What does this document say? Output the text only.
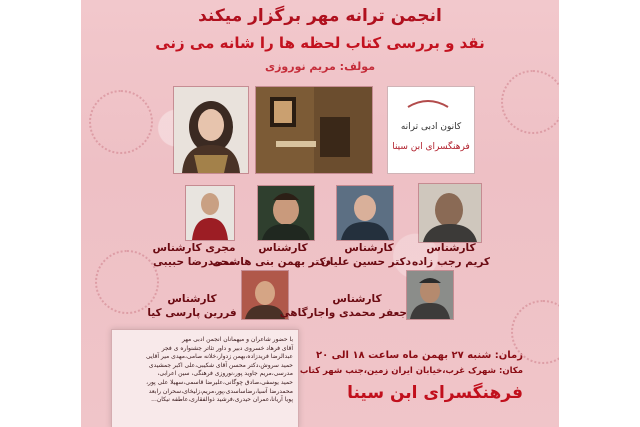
انجمن ترانه مهر برگزار میکند
نقد و بررسی کتاب لحظه ها را شانه می زنی
مولف: مریم نوروزی
کانون ادبی ترانه
فرهنگسرای ابن سینا
کارشناس
کریم رجب زاده
کارشناس
دکتر حسین علیان
کارشناس
دکتر بهمن بنی هاشمی
مجری کارشناس
محمدرضا حبیبی
کارشناس
جعفر محمدی واجارگاهی
کارشناس
فررین پارسی کیا

با حضور شاعران و میهمانان انجمن ادبی مهر

آقای فرهاد خسروی دبیر و داور تئاتر جشنواره ی فجر

عبدالرضا فریدزاده،بهمن زدوار،خلانه صامی،مهدی میر آقایی

حمید سروش،دکتر محسن آقای شکیبی،علی اکبر جمشیدی

مدرسی،مریم جاوید پور،نوروزی فرهنگی، سین اعرابی،

حمید یوسفی،صادق چوگانی،علیرضا قاسمی،سهیلا علی پور،

محمدرضا آسیا،رضاساسدی،پور،مریم،زلیخای،سحران رابعد

پویا آریانا،عمران حیدری،فرشید ذوالفقاری،عاطفه نیکان...

زمان: شنبه ۲۷ بهمن ماه ساعت ۱۸ الی ۲۰
مکان: شهرک غرب،خیابان ایران زمین،جنب شهر کتاب
فرهنگسرای ابن سینا
